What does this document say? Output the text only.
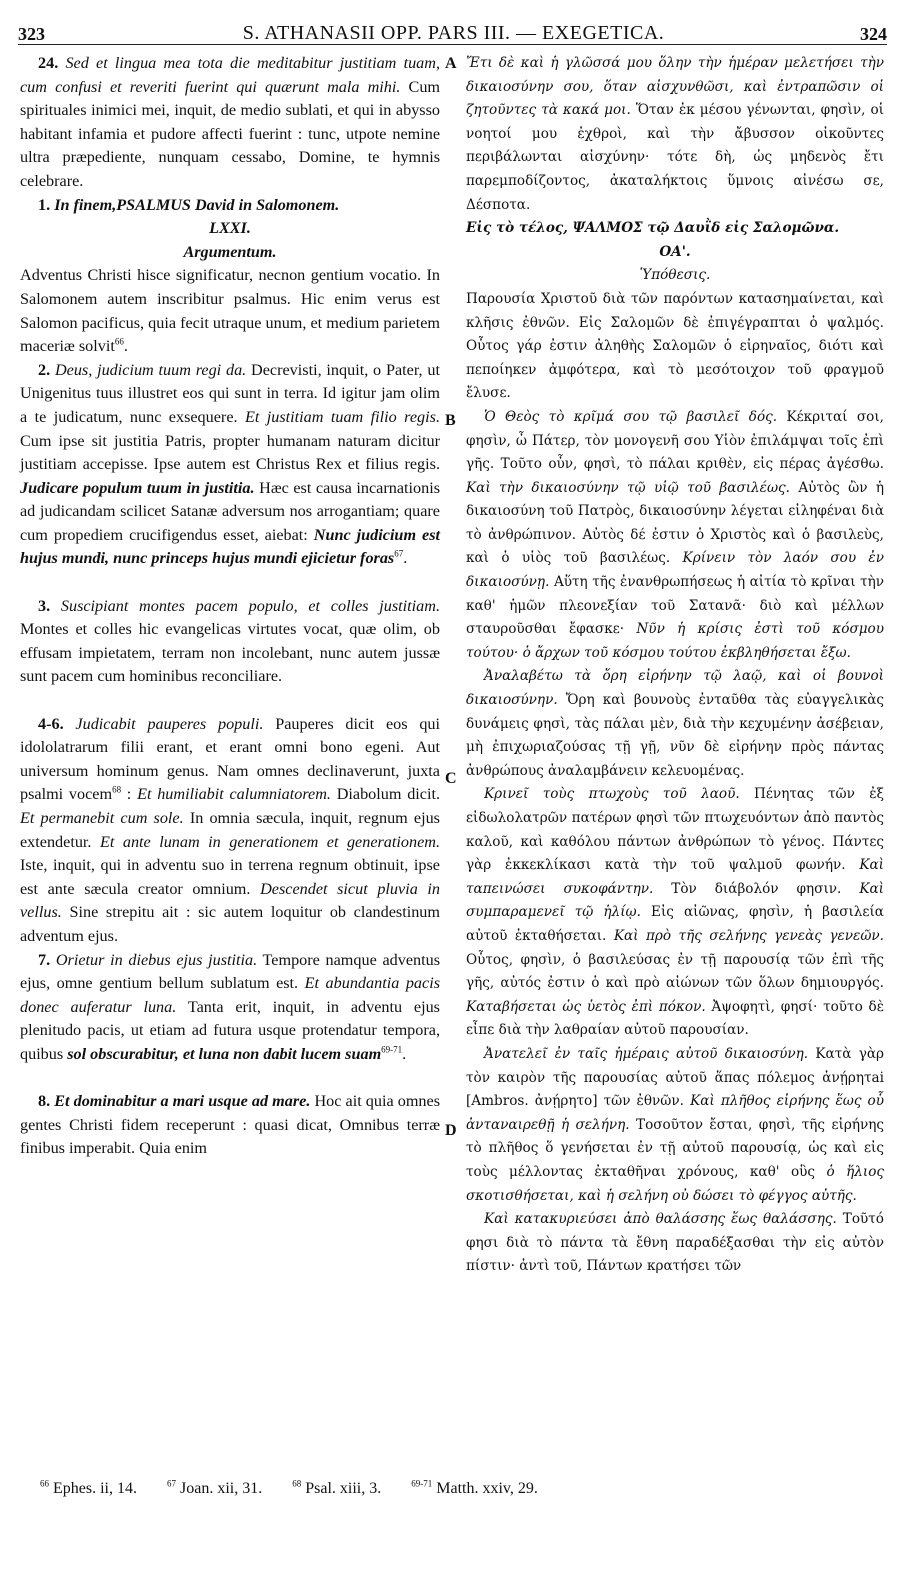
323	S. ATHANASII OPP. PARS III. — EXEGETICA.	324
A
B
C
D

24. Sed et lingua mea tota die meditabitur justitiam tuam, cum confusi et reveriti fuerint qui quærunt mala mihi. Cum spirituales inimici mei, inquit, de medio sublati, et qui in abysso habitant infamia et pudore affecti fuerint : tunc, utpote nemine ultra præpediente, nunquam cessabo, Domine, te hymnis celebrare.

1. In finem,PSALMUS David in Salomonem.

LXXI.

Argumentum.

Adventus Christi hisce significatur, necnon gentium vocatio. In Salomonem autem inscribitur psalmus. Hic enim verus est Salomon pacificus, quia fecit utraque unum, et medium parietem maceriæ solvit$^{66}$.

2. Deus, judicium tuum regi da. Decrevisti, inquit, o Pater, ut Unigenitus tuus illustret eos qui sunt in terra. Id igitur jam olim a te judicatum, nunc exsequere. Et justitiam tuam filio regis. Cum ipse sit justitia Patris, propter humanam naturam dicitur justitiam accepisse. Ipse autem est Christus Rex et filius regis. Judicare populum tuum in justitia. Hæc est causa incarnationis ad judicandam scilicet Satanæ adversum nos arrogantiam; quare cum propediem crucifigendus esset, aiebat: Nunc judicium est hujus mundi, nunc princeps hujus mundi ejicietur foras$^{67}$.

3. Suscipiant montes pacem populo, et colles justitiam. Montes et colles hic evangelicas virtutes vocat, quæ olim, ob effusam impietatem, terram non incolebant, nunc autem jussæ sunt pacem cum hominibus reconciliare.

4-6. Judicabit pauperes populi. Pauperes dicit eos qui idololatrarum filii erant, et erant omni bono egeni. Aut universum hominum genus. Nam omnes declinaverunt, juxta psalmi vocem$^{68}$ : Et humiliabit calumniatorem. Diabolum dicit. Et permanebit cum sole. In omnia sæcula, inquit, regnum ejus extendetur. Et ante lunam in generationem et generationem. Iste, inquit, qui in adventu suo in terrena regnum obtinuit, ipse est ante sæcula creator omnium. Descendet sicut pluvia in vellus. Sine strepitu ait : sic autem loquitur ob clandestinum adventum ejus.

7. Orietur in diebus ejus justitia. Tempore namque adventus ejus, omne gentium bellum sublatum est. Et abundantia pacis donec auferatur luna. Tanta erit, inquit, in adventu ejus plenitudo pacis, ut etiam ad futura usque protendatur tempora, quibus sol obscurabitur, et luna non dabit lucem suam$^{69-71}$.

8. Et dominabitur a mari usque ad mare. Hoc ait quia omnes gentes Christi fidem receperunt : quasi dicat, Omnibus terræ finibus imperabit. Quia enim

Ἔτι δὲ καὶ ἡ γλῶσσά μου ὅλην τὴν ἡμέραν μελετήσει τὴν δικαιοσύνην σου, ὅταν αἰσχυνθῶσι, καὶ ἐντραπῶσιν οἱ ζητοῦντες τὰ κακά μοι. Ὅταν ἐκ μέσου γένωνται, φησὶν, οἱ νοητοί μου ἐχθροὶ, καὶ τὴν ἄβυσσον οἰκοῦντες περιβάλωνται αἰσχύνην· τότε δὴ, ὡς μηδενὸς ἔτι παρεμποδίζοντος, ἀκαταλήκτοις ὕμνοις αἰνέσω σε, Δέσποτα.

Εἰς τὸ τέλος, ΨΑΛΜΟΣ τῷ Δαυῒδ εἰς Σαλομῶνα.

ΟΑ'.

Ὑπόθεσις.

Παρουσία Χριστοῦ διὰ τῶν παρόντων κατασημαίνεται, καὶ κλῆσις ἐθνῶν. Εἰς Σαλομῶν δὲ ἐπιγέγραπται ὁ ψαλμός. Οὗτος γάρ ἐστιν ἀληθὴς Σαλομῶν ὁ εἰρηναῖος, διότι καὶ πεποίηκεν ἀμφότερα, καὶ τὸ μεσότοιχον τοῦ φραγμοῦ ἔλυσε.

Ὁ Θεὸς τὸ κρῖμά σου τῷ βασιλεῖ δός. Κέκριταί σοι, φησὶν, ὦ Πάτερ, τὸν μονογενῆ σου Υἱὸν ἐπιλάμψαι τοῖς ἐπὶ γῆς. Τοῦτο οὖν, φησὶ, τὸ πάλαι κριθὲν, εἰς πέρας ἀγέσθω. Καὶ τὴν δικαιοσύνην τῷ υἱῷ τοῦ βασιλέως. Αὐτὸς ὢν ἡ δικαιοσύνη τοῦ Πατρὸς, δικαιοσύνην λέγεται εἰληφέναι διὰ τὸ ἀνθρώπινον. Αὐτὸς δέ ἐστιν ὁ Χριστὸς καὶ ὁ βασιλεὺς, καὶ ὁ υἱὸς τοῦ βασιλέως. Κρίνειν τὸν λαόν σου ἐν δικαιοσύνῃ. Αὕτη τῆς ἐνανθρωπήσεως ἡ αἰτία τὸ κρῖναι τὴν καθ' ἡμῶν πλεονεξίαν τοῦ Σατανᾶ· διὸ καὶ μέλλων σταυροῦσθαι ἔφασκε· Νῦν ἡ κρίσις ἐστὶ τοῦ κόσμου τούτου· ὁ ἄρχων τοῦ κόσμου τούτου ἐκβληθήσεται ἔξω.

Ἀναλαβέτω τὰ ὄρη εἰρήνην τῷ λαῷ, καὶ οἱ βουνοὶ δικαιοσύνην. Ὄρη καὶ βουνοὺς ἐνταῦθα τὰς εὐαγγελικὰς δυνάμεις φησὶ, τὰς πάλαι μὲν, διὰ τὴν κεχυμένην ἀσέβειαν, μὴ ἐπιχωριαζούσας τῇ γῇ, νῦν δὲ εἰρήνην πρὸς πάντας ἀνθρώπους ἀναλαμβάνειν κελευομένας.

Κρινεῖ τοὺς πτωχοὺς τοῦ λαοῦ. Πένητας τῶν ἐξ εἰδωλολατρῶν πατέρων φησὶ τῶν πτωχευόντων ἀπὸ παντὸς καλοῦ, καὶ καθόλου πάντων ἀνθρώπων τὸ γένος. Πάντες γὰρ ἐκκεκλίκασι κατὰ τὴν τοῦ ψαλμοῦ φωνήν. Καὶ ταπεινώσει συκοφάντην. Τὸν διάβολόν φησιν. Καὶ συμπαραμενεῖ τῷ ἡλίῳ. Εἰς αἰῶνας, φησὶν, ἡ βασιλεία αὐτοῦ ἐκταθήσεται. Καὶ πρὸ τῆς σελήνης γενεὰς γενεῶν. Οὗτος, φησὶν, ὁ βασιλεύσας ἐν τῇ παρουσίᾳ τῶν ἐπὶ τῆς γῆς, αὐτός ἐστιν ὁ καὶ πρὸ αἰώνων τῶν ὅλων δημιουργός. Καταβήσεται ὡς ὑετὸς ἐπὶ πόκον. Ἀψοφητὶ, φησί· τοῦτο δὲ εἶπε διὰ τὴν λαθραίαν αὐτοῦ παρουσίαν.

Ἀνατελεῖ ἐν ταῖς ἡμέραις αὐτοῦ δικαιοσύνη. Κατὰ γὰρ τὸν καιρὸν τῆς παρουσίας αὐτοῦ ἅπας πόλεμος ἀνῄρητai [Ambros. ἀνῄρητο] τῶν ἐθνῶν. Καὶ πλῆθος εἰρήνης ἕως οὗ ἀνταναιρεθῇ ἡ σελήνη. Τοσοῦτον ἔσται, φησὶ, τῆς εἰρήνης τὸ πλῆθος ὅ γενήσεται ἐν τῇ αὐτοῦ παρουσίᾳ, ὡς καὶ εἰς τοὺς μέλλοντας ἐκταθῆναι χρόνους, καθ' οὓς ὁ ἥλιος σκοτισθήσεται, καὶ ἡ σελήνη οὐ δώσει τὸ φέγγος αὐτῆς.

Καὶ κατακυριεύσει ἀπὸ θαλάσσης ἕως θαλάσσης. Τοῦτό φησι διὰ τὸ πάντα τὰ ἔθνη παραδέξασθαι τὴν εἰς αὐτὸν πίστιν· ἀντὶ τοῦ, Πάντων κρατήσει τῶν

$^{66}$ Ephes. ii, 14.	$^{67}$ Joan. xii, 31.	$^{68}$ Psal. xiii, 3.	$^{69-71}$ Matth. xxiv, 29.
